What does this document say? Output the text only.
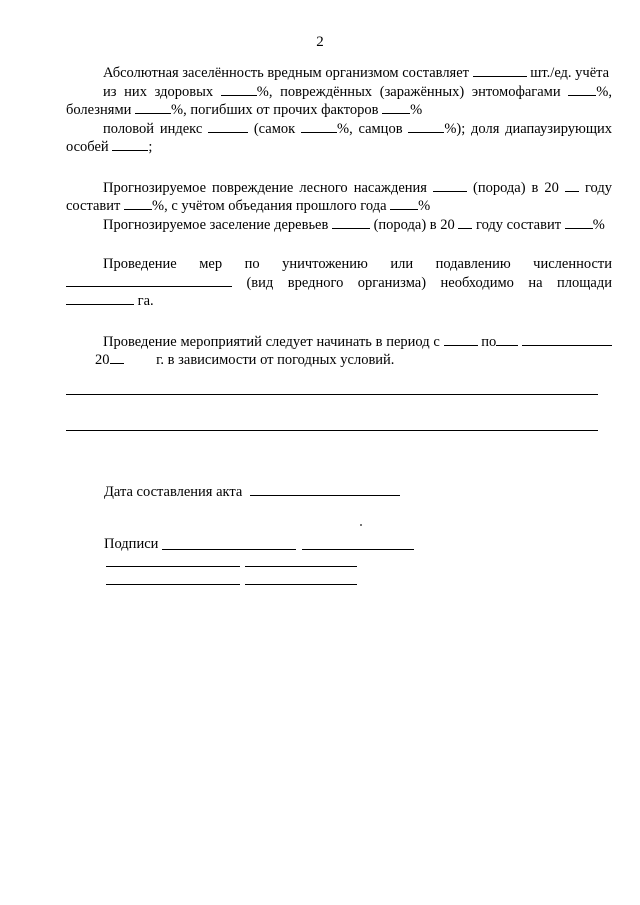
2

Абсолютная заселённость вредным организмом составляет	шт./ед. учёта

из них здоровых	%, повреждённых (заражённых) энтомофагами %, болезнями	%, погибших от прочих факторов %

половой индекс	(самок	%, самцов	%); доля диапаузирующих особей	;

Прогнозируемое повреждение лесного насаждения	(порода) в 20 году составит %, с учётом объедания прошлого года %

Прогнозируемое заселение деревьев	(порода) в 20 году составит %

Проведение мер по уничтожению или подавлению численности  (вид вредного организма) необходимо на площади  га.

Проведение мероприятий следует начинать в период с	по          20	г. в зависимости от погодных условий.

Дата составления акта
Подписи
